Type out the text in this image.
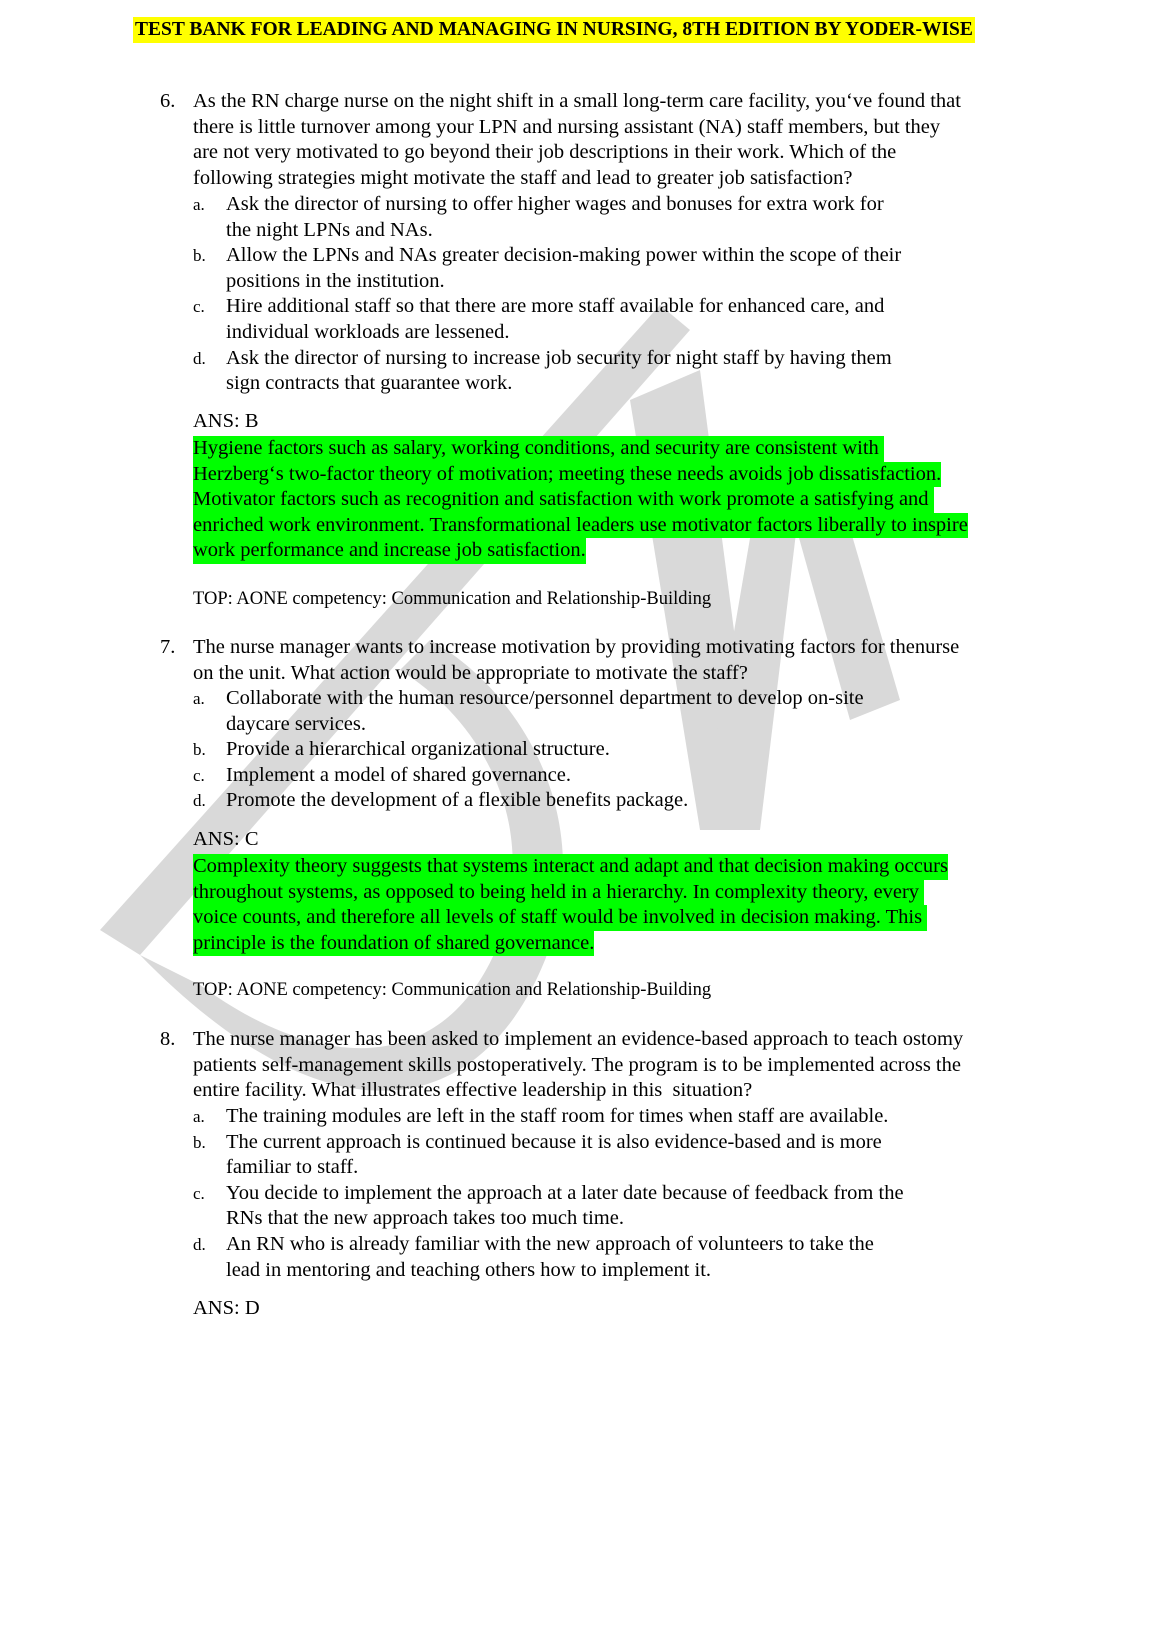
TEST BANK FOR LEADING AND MANAGING IN NURSING, 8TH EDITION BY YODER-WISE
6. As the RN charge nurse on the night shift in a small long-term care facility, you‘ve found that
there is little turnover among your LPN and nursing assistant (NA) staff members, but they
are not very motivated to go beyond their job descriptions in their work. Which of the
following strategies might motivate the staff and lead to greater job satisfaction?
a. Ask the director of nursing to offer higher wages and bonuses for extra work for
the night LPNs and NAs.
b. Allow the LPNs and NAs greater decision-making power within the scope of their
positions in the institution.
c. Hire additional staff so that there are more staff available for enhanced care, and
individual workloads are lessened.
d. Ask the director of nursing to increase job security for night staff by having them
sign contracts that guarantee work.
ANS: B
Hygiene factors such as salary, working conditions, and security are consistent with
Herzberg‘s two-factor theory of motivation; meeting these needs avoids job dissatisfaction.
Motivator factors such as recognition and satisfaction with work promote a satisfying and
enriched work environment. Transformational leaders use motivator factors liberally to inspire
work performance and increase job satisfaction.
TOP: AONE competency: Communication and Relationship-Building
7. The nurse manager wants to increase motivation by providing motivating factors for thenurse
on the unit. What action would be appropriate to motivate the staff?
a. Collaborate with the human resource/personnel department to develop on-site
daycare services.
b. Provide a hierarchical organizational structure.
c. Implement a model of shared governance.
d. Promote the development of a flexible benefits package.
ANS: C
Complexity theory suggests that systems interact and adapt and that decision making occurs
throughout systems, as opposed to being held in a hierarchy. In complexity theory, every
voice counts, and therefore all levels of staff would be involved in decision making. This
principle is the foundation of shared governance.
TOP: AONE competency: Communication and Relationship-Building
8. The nurse manager has been asked to implement an evidence-based approach to teach ostomy
patients self-management skills postoperatively. The program is to be implemented across the
entire facility. What illustrates effective leadership in this  situation?
a. The training modules are left in the staff room for times when staff are available.
b. The current approach is continued because it is also evidence-based and is more
familiar to staff.
c. You decide to implement the approach at a later date because of feedback from the
RNs that the new approach takes too much time.
d. An RN who is already familiar with the new approach of volunteers to take the
lead in mentoring and teaching others how to implement it.
ANS: D
